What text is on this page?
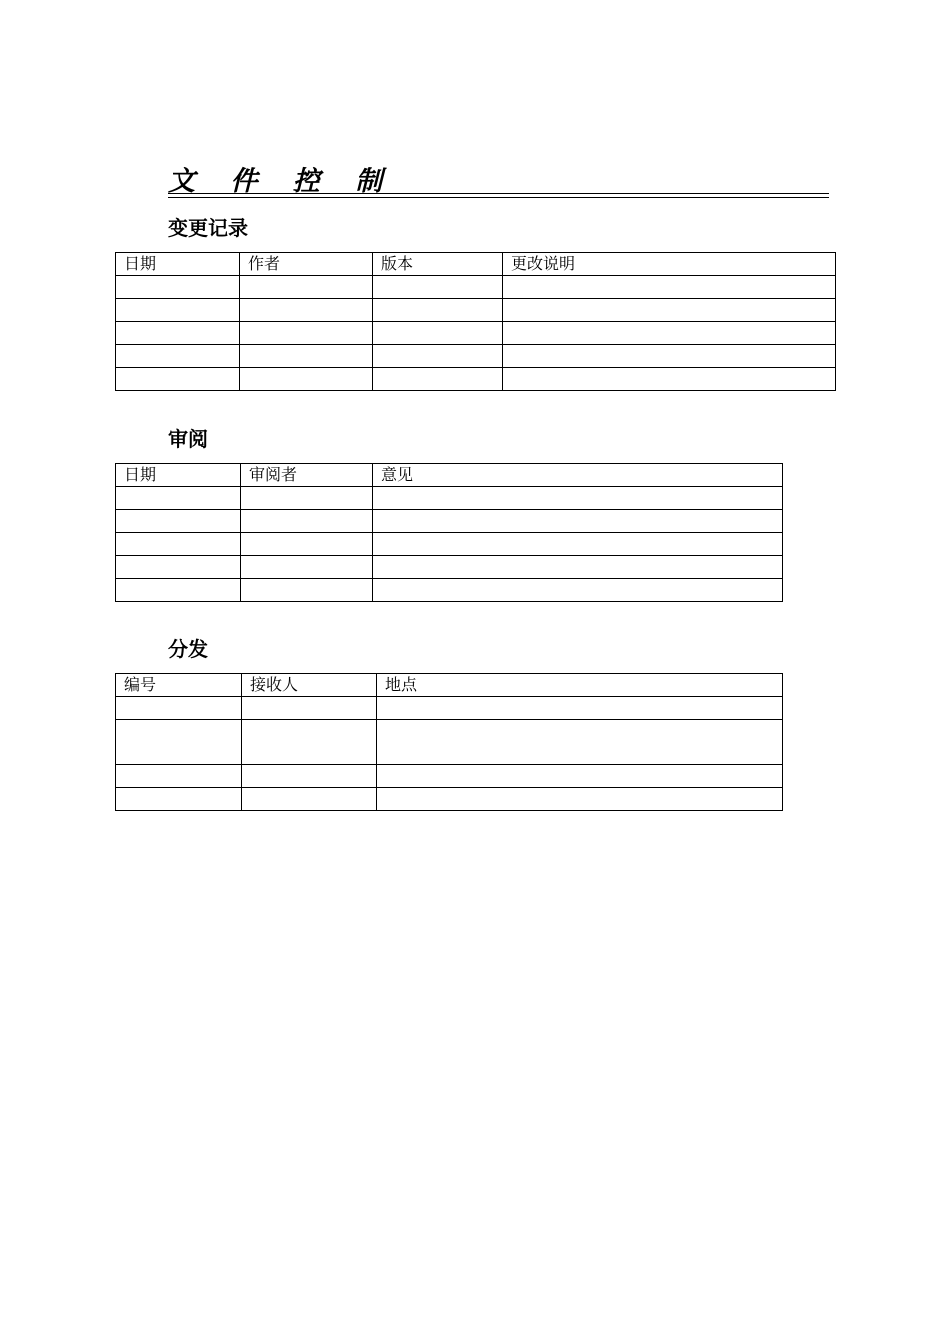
文 件 控 制
变更记录
日期	作者	版本	更改说明

审阅
日期	审阅者	意见

分发
编号	接收人	地点
